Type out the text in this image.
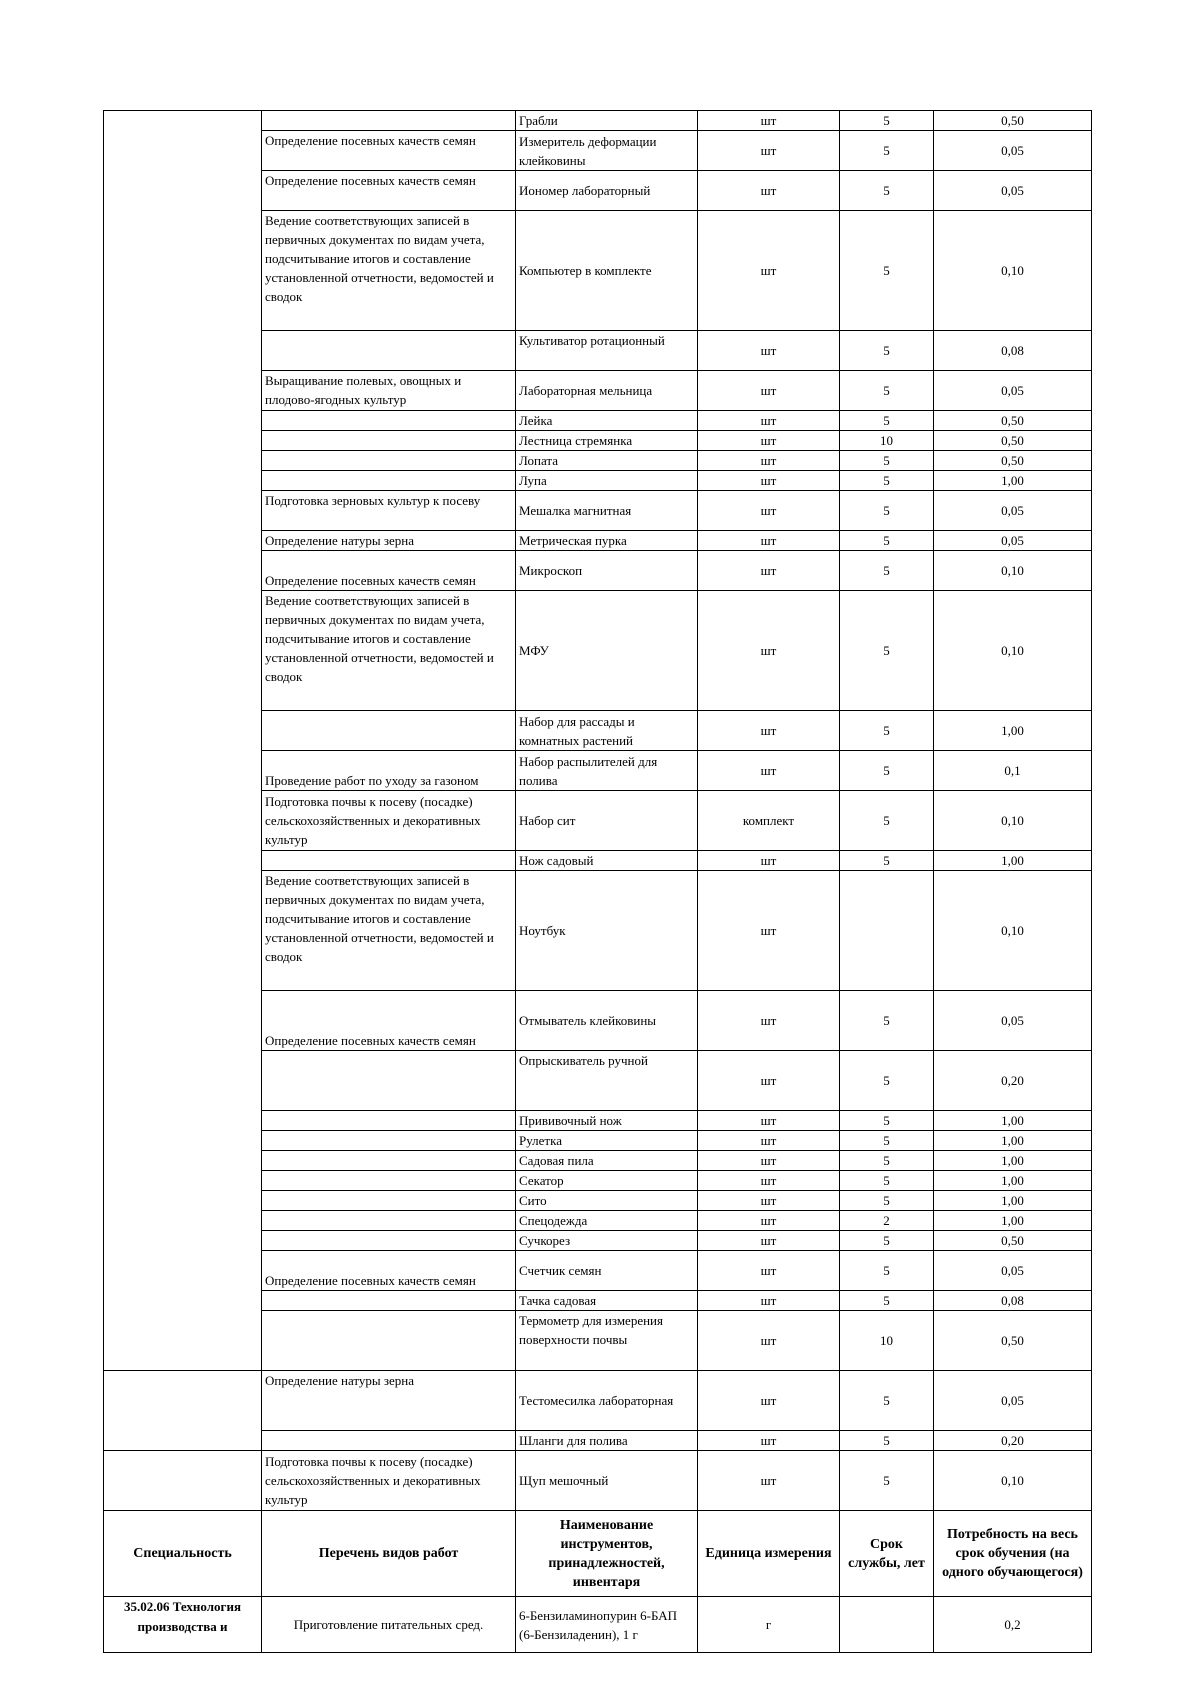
		Грабли	шт	5	0,50
	Определение посевных качеств семян	Измеритель деформации клейковины	шт	5	0,05
	Определение посевных качеств семян	Иономер лабораторный	шт	5	0,05
	Ведение соответствующих записей в первичных документах по видам учета, подсчитывание итогов и составление установленной отчетности, ведомостей и сводок	Компьютер в комплекте	шт	5	0,10
		Культиватор ротационный	шт	5	0,08
	Выращивание полевых, овощных и плодово-ягодных культур	Лабораторная мельница	шт	5	0,05
		Лейка	шт	5	0,50
		Лестница стремянка	шт	10	0,50
		Лопата	шт	5	0,50
		Лупа	шт	5	1,00
	Подготовка зерновых культур к посеву	Мешалка магнитная	шт	5	0,05
	Определение натуры зерна	Метрическая пурка	шт	5	0,05
	Определение посевных качеств семян	Микроскоп	шт	5	0,10
	Ведение соответствующих записей в первичных документах по видам учета, подсчитывание итогов и составление установленной отчетности, ведомостей и сводок	МФУ	шт	5	0,10
		Набор для рассады и комнатных растений	шт	5	1,00
	Проведение работ по уходу за газоном	Набор распылителей для полива	шт	5	0,1
	Подготовка почвы к посеву (посадке) сельскохозяйственных и декоративных культур	Набор сит	комплект	5	0,10
		Нож садовый	шт	5	1,00
	Ведение соответствующих записей в первичных документах по видам учета, подсчитывание итогов и составление установленной отчетности, ведомостей и сводок	Ноутбук	шт		0,10
	Определение посевных качеств семян	Отмыватель клейковины	шт	5	0,05
		Опрыскиватель ручной	шт	5	0,20
		Прививочный нож	шт	5	1,00
		Рулетка	шт	5	1,00
		Садовая пила	шт	5	1,00
		Секатор	шт	5	1,00
		Сито	шт	5	1,00
		Спецодежда	шт	2	1,00
		Сучкорез	шт	5	0,50
	Определение посевных качеств семян	Счетчик семян	шт	5	0,05
		Тачка садовая	шт	5	0,08
		Термометр для измерения поверхности почвы	шт	10	0,50
	Определение натуры зерна	Тестомесилка лабораторная	шт	5	0,05
		Шланги для полива	шт	5	0,20
	Подготовка почвы к посеву (посадке) сельскохозяйственных и декоративных культур	Щуп мешочный	шт	5	0,10
Специальность	Перечень видов работ	Наименование инструментов, принадлежностей, инвентаря	Единица измерения	Срок службы, лет	Потребность на весь срок обучения (на одного обучающегося)
35.02.06 Технология производства и	Приготовление питательных сред.	6-Бензиламинопурин 6-БАП (6-Бензиладенин), 1 г	г		0,2
